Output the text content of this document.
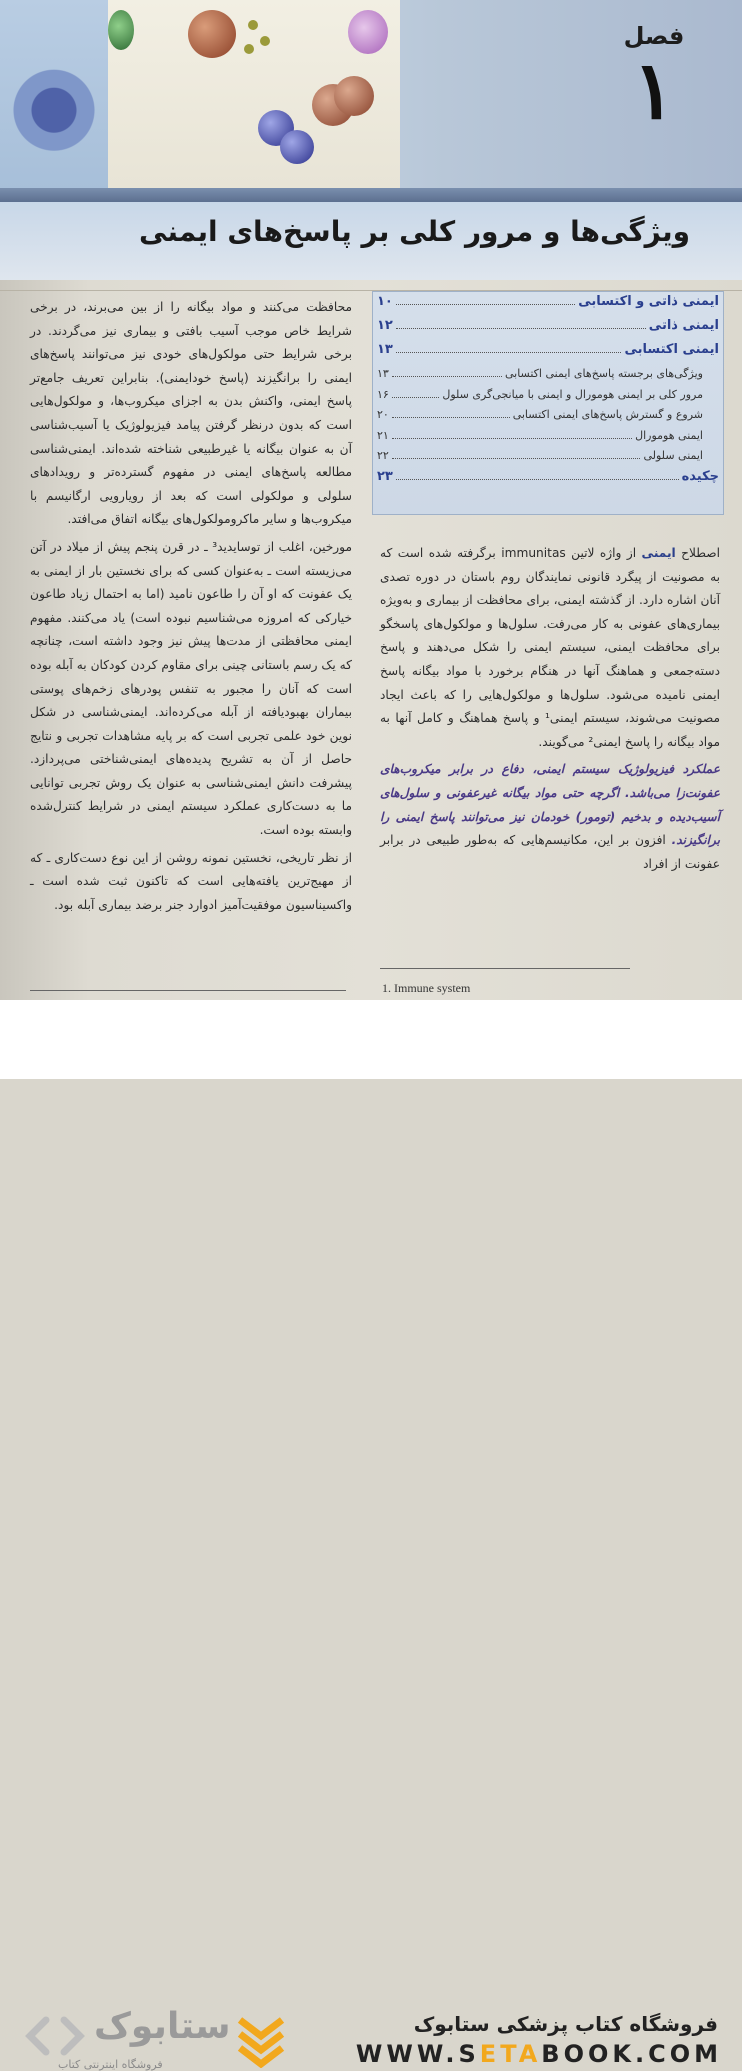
فصل
۱
ویژگی‌ها و مرور کلی بر پاسخ‌های ایمنی
ایمنی ذاتی و اکتسابی
۱۰
ایمنی ذاتی
۱۲
ایمنی اکتسابی
۱۳
ویژگی‌های برجسته پاسخ‌های ایمنی اکتسابی
۱۳
مرور کلی بر ایمنی هومورال و ایمنی با میانجی‌گری سلول
۱۶
شروع و گسترش پاسخ‌های ایمنی اکتسابی
۲۰
ایمنی هومورال
۲۱
ایمنی سلولی
۲۲
چکیده
۲۳

محافظت می‌کنند و مواد بیگانه را از بین می‌برند، در برخی شرایط خاص موجب آسیب بافتی و بیماری نیز می‌گردند. در برخی شرایط حتی مولکول‌های خودی نیز می‌توانند پاسخ‌های ایمنی را برانگیزند (پاسخ خودایمنی). بنابراین تعریف جامع‌تر پاسخ ایمنی، واکنش بدن به اجزای میکروب‌ها، و مولکول‌هایی است که بدون درنظر گرفتن پیامد فیزیولوژیک یا آسیب‌شناسی آن به عنوان بیگانه یا غیرطبیعی شناخته شده‌اند. ایمنی‌شناسی مطالعه پاسخ‌های ایمنی در مفهوم گسترده‌تر و رویدادهای سلولی و مولکولی است که بعد از رویارویی ارگانیسم با میکروب‌ها و سایر ماکرومولکول‌های بیگانه اتفاق می‌افتد.

مورخین، اغلب از توسایدید³ ـ در قرن پنجم پیش از میلاد در آتن می‌زیسته است ـ به‌عنوان کسی که برای نخستین بار از ایمنی به یک عفونت که او آن را طاعون نامید (اما به احتمال زیاد طاعون خیارکی که امروزه می‌شناسیم نبوده است) یاد می‌کنند. مفهوم ایمنی محافظتی از مدت‌ها پیش نیز وجود داشته است، چنانچه که یک رسم باستانی چینی برای مقاوم کردن کودکان به آبله بوده است که آنان را مجبور به تنفس پودرهای زخم‌های پوستی بیماران بهبودیافته از آبله می‌کرده‌اند. ایمنی‌شناسی در شکل نوین خود علمی تجربی است که بر پایه مشاهدات تجربی و نتایج حاصل از آن به تشریح پدیده‌های ایمنی‌شناختی می‌پردازد. پیشرفت دانش ایمنی‌شناسی به عنوان یک روش تجربی توانایی ما به دست‌کاری عملکرد سیستم ایمنی در شرایط کنترل‌شده وابسته بوده است.

از نظر تاریخی، نخستین نمونه روشن از این نوع دست‌کاری ـ که از مهیج‌ترین یافته‌هایی است که تاکنون ثبت شده است ـ واکسیناسیون موفقیت‌آمیز ادوارد جنر برضد بیماری آبله بود.

اصطلاح ایمنی از واژه لاتین immunitas برگرفته شده است که به مصونیت از پیگرد قانونی نمایندگان روم باستان در دوره تصدی آنان اشاره دارد. از گذشته ایمنی، برای محافظت از بیماری و به‌ویژه بیماری‌های عفونی به کار می‌رفت. سلول‌ها و مولکول‌های پاسخگو برای محافظت ایمنی، سیستم ایمنی را شکل می‌دهند و پاسخ دسته‌جمعی و هماهنگ آنها در هنگام برخورد با مواد بیگانه پاسخ ایمنی نامیده می‌شود. سلول‌ها و مولکول‌هایی را که باعث ایجاد مصونیت می‌شوند، سیستم ایمنی¹ و پاسخ هماهنگ و کامل آنها به مواد بیگانه را پاسخ ایمنی² می‌گویند.

عملکرد فیزیولوژیک سیستم ایمنی، دفاع در برابر میکروب‌های عفونت‌زا می‌باشد. اگرچه حتی مواد بیگانه غیرعفونی و سلول‌های آسیب‌دیده و بدخیم (تومور) خودمان نیز می‌توانند پاسخ ایمنی را برانگیزند. افزون بر این، مکانیسم‌هایی که به‌طور طبیعی در برابر عفونت از افراد

1. Immune system
ستابوک
فروشگاه اینترنتی کتاب
فروشگاه کتاب پزشکی ستابوک
WWW.SETABOOK.COM
